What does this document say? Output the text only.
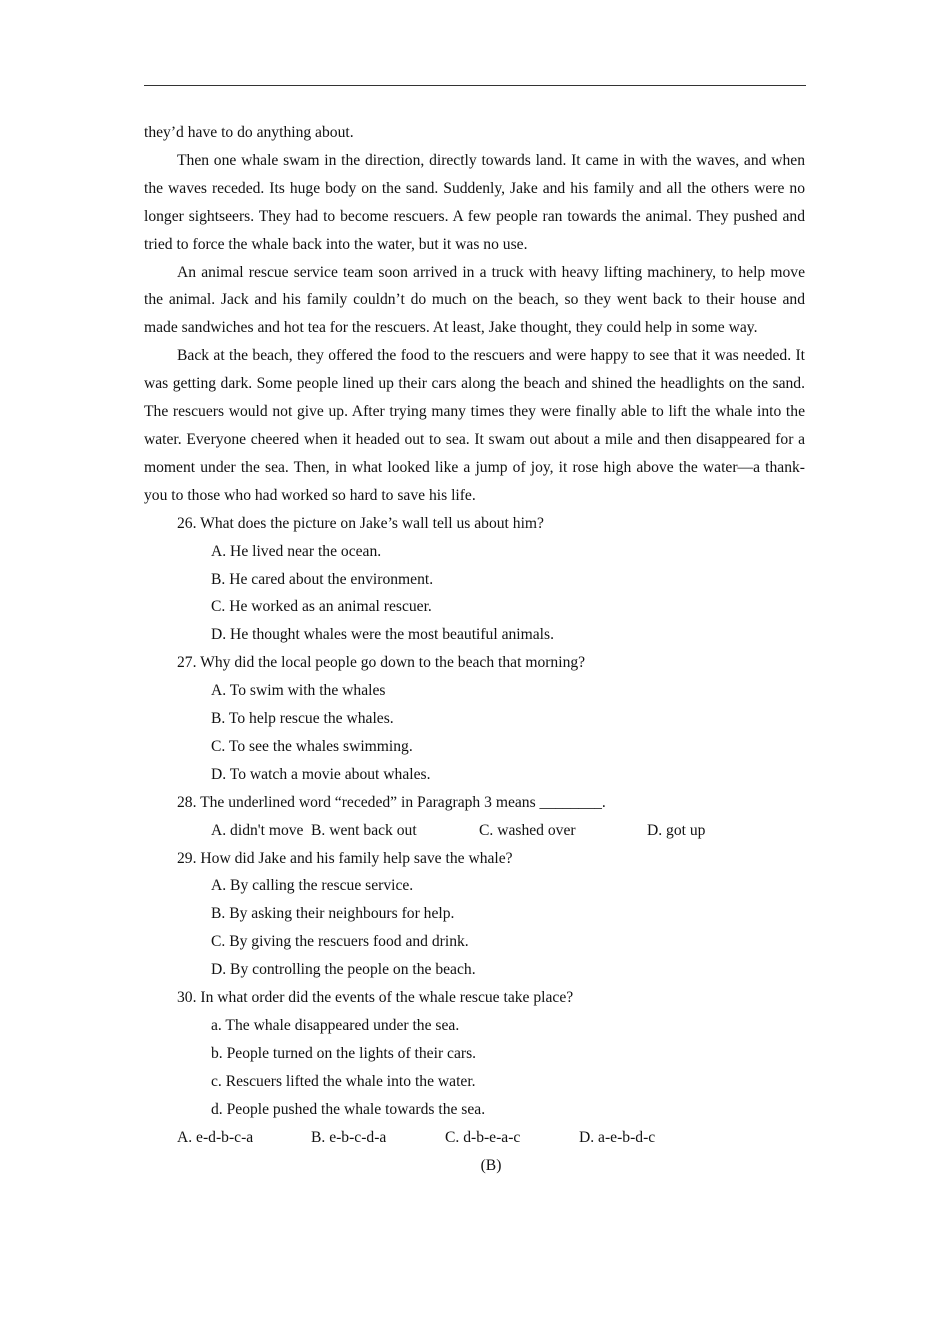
they’d have to do anything about.

Then one whale swam in the direction, directly towards land. It came in with the waves, and when the waves receded. Its huge body on the sand. Suddenly, Jake and his family and all the others were no longer sightseers. They had to become rescuers. A few people ran towards the animal. They pushed and tried to force the whale back into the water, but it was no use.

An animal rescue service team soon arrived in a truck with heavy lifting machinery, to help move the animal. Jack and his family couldn’t do much on the beach, so they went back to their house and made sandwiches and hot tea for the rescuers. At least, Jake thought, they could help in some way.

Back at the beach, they offered the food to the rescuers and were happy to see that it was needed. It was getting dark. Some people lined up their cars along the beach and shined the headlights on the sand. The rescuers would not give up. After trying many times they were finally able to lift the whale into the water. Everyone cheered when it headed out to sea. It swam out about a mile and then disappeared for a moment under the sea. Then, in what looked like a jump of joy, it rose high above the water—a thank-you to those who had worked so hard to save his life.

26. What does the picture on Jake’s wall tell us about him?
A. He lived near the ocean.
B. He cared about the environment.
C. He worked as an animal rescuer.
D. He thought whales were the most beautiful animals.
27. Why did the local people go down to the beach that morning?
A. To swim with the whales
B. To help rescue the whales.
C. To see the whales swimming.
D. To watch a movie about whales.
28. The underlined word “receded” in Paragraph 3 means ________.
A. didn't move B. went back out	C. washed over	D. got up
29. How did Jake and his family help save the whale?
A. By calling the rescue service.
B. By asking their neighbours for help.
C. By giving the rescuers food and drink.
D. By controlling the people on the beach.
30. In what order did the events of the whale rescue take place?
a. The whale disappeared under the sea.
b. People turned on the lights of their cars.
c. Rescuers lifted the whale into the water.
d. People pushed the whale towards the sea.
A. e-d-b-c-a	B. e-b-c-d-a	C. d-b-e-a-c	D. a-e-b-d-c
(B)
